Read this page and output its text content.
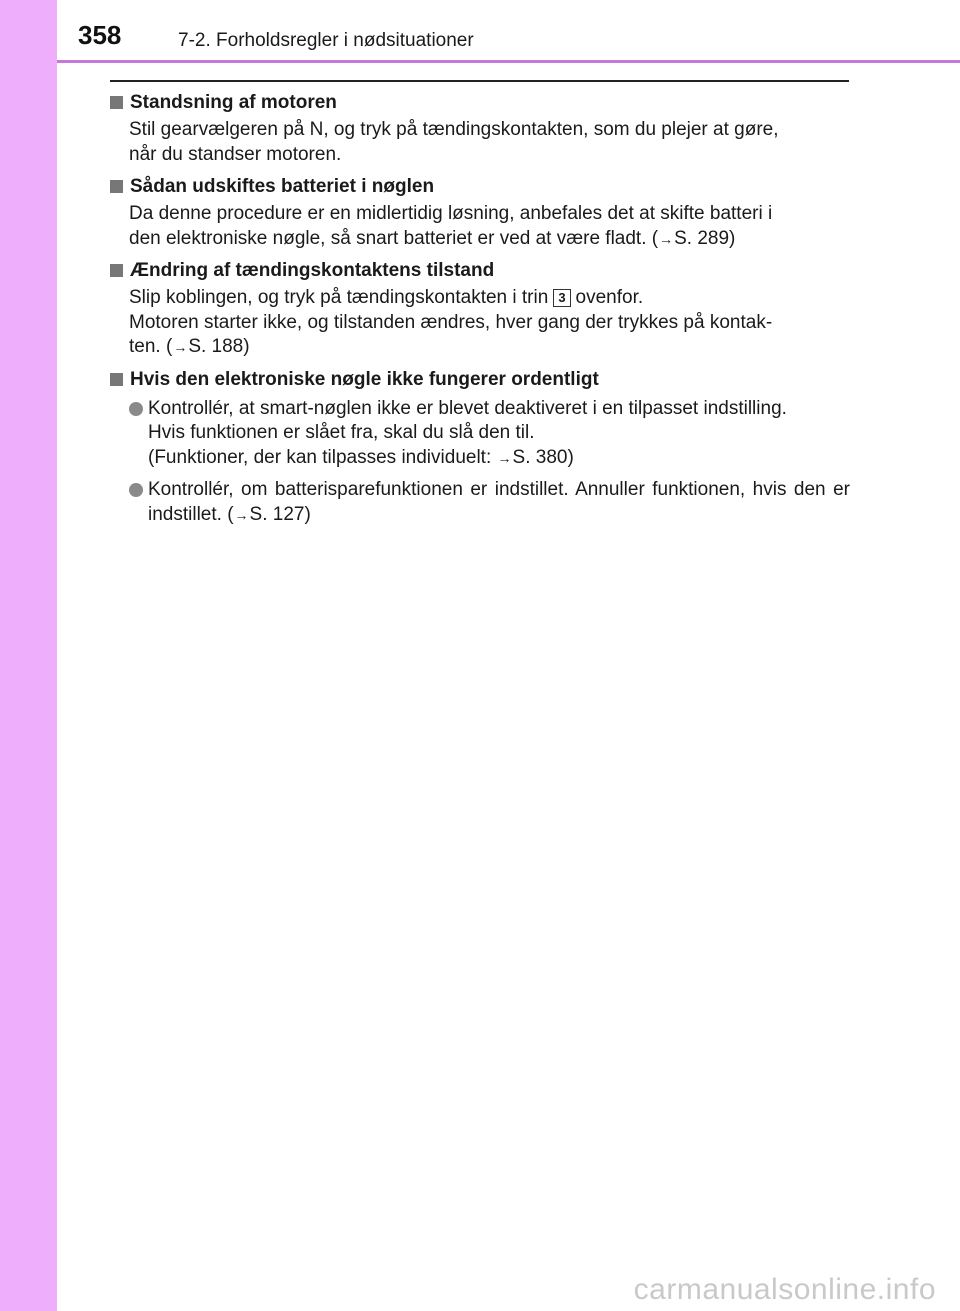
358	7-2. Forholdsregler i nødsituationer
Standsning af motoren
Stil gearvælgeren på N, og tryk på tændingskontakten, som du plejer at gøre,
når du standser motoren.
Sådan udskiftes batteriet i nøglen
Da denne procedure er en midlertidig løsning, anbefales det at skifte batteri i
den elektroniske nøgle, så snart batteriet er ved at være fladt. (→S. 289)
Ændring af tændingskontaktens tilstand
Slip koblingen, og tryk på tændingskontakten i trin 3 ovenfor.
Motoren starter ikke, og tilstanden ændres, hver gang der trykkes på kontak-
ten. (→S. 188)
Hvis den elektroniske nøgle ikke fungerer ordentligt
Kontrollér, at smart-nøglen ikke er blevet deaktiveret i en tilpasset indstilling.
Hvis funktionen er slået fra, skal du slå den til.
(Funktioner, der kan tilpasses individuelt: →S. 380)
Kontrollér, om batterisparefunktionen er indstillet. Annuller funktionen, hvis den er indstillet. (→S. 127)
carmanualsonline.info
